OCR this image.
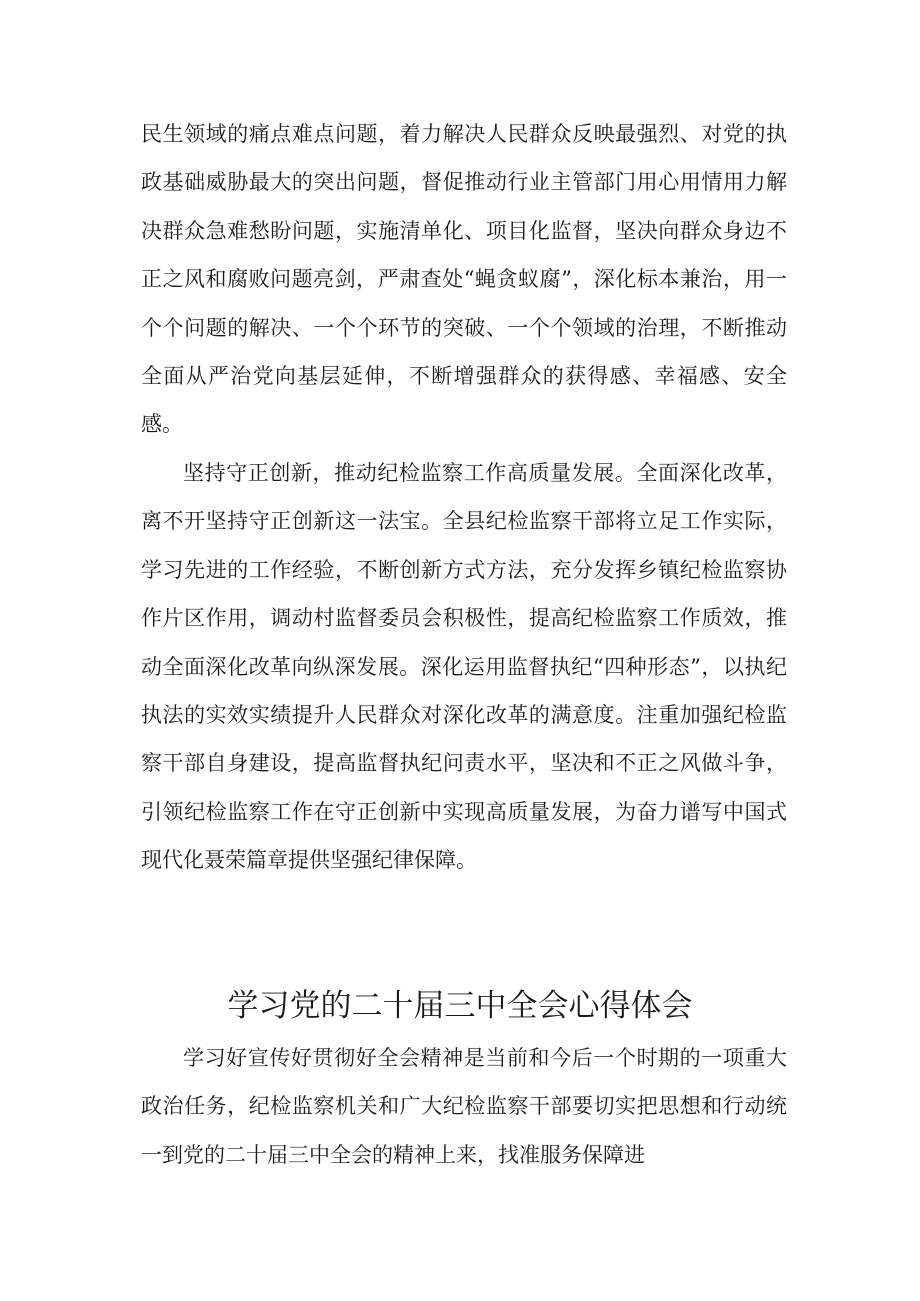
民生领域的痛点难点问题，着力解决人民群众反映最强烈、对党的执政基础威胁最大的突出问题，督促推动行业主管部门用心用情用力解决群众急难愁盼问题，实施清单化、项目化监督，坚决向群众身边不正之风和腐败问题亮剑，严肃查处“蝇贪蚁腐”，深化标本兼治，用一个个问题的解决、一个个环节的突破、一个个领域的治理，不断推动全面从严治党向基层延伸，不断增强群众的获得感、幸福感、安全感。

坚持守正创新，推动纪检监察工作高质量发展。全面深化改革，离不开坚持守正创新这一法宝。全县纪检监察干部将立足工作实际，学习先进的工作经验，不断创新方式方法，充分发挥乡镇纪检监察协作片区作用，调动村监督委员会积极性，提高纪检监察工作质效，推动全面深化改革向纵深发展。深化运用监督执纪“四种形态”，以执纪执法的实效实绩提升人民群众对深化改革的满意度。注重加强纪检监察干部自身建设，提高监督执纪问责水平，坚决和不正之风做斗争，引领纪检监察工作在守正创新中实现高质量发展，为奋力谱写中国式现代化聂荣篇章提供坚强纪律保障。

学习党的二十届三中全会心得体会

学习好宣传好贯彻好全会精神是当前和今后一个时期的一项重大政治任务，纪检监察机关和广大纪检监察干部要切实把思想和行动统一到党的二十届三中全会的精神上来，找准服务保障进
